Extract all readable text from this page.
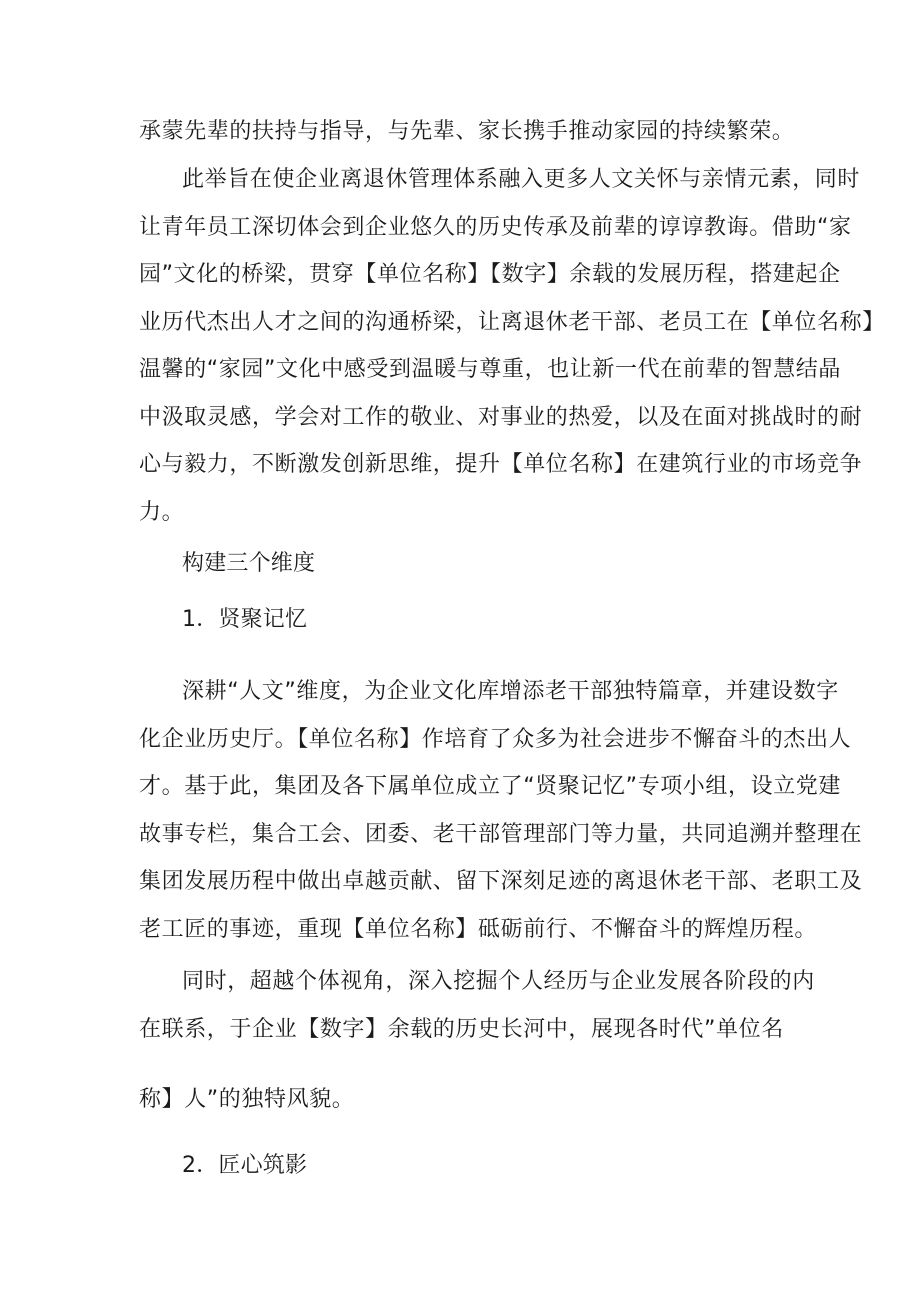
承蒙先辈的扶持与指导，与先辈、家长携手推动家园的持续繁荣。
此举旨在使企业离退休管理体系融入更多人文关怀与亲情元素，同时
让青年员工深切体会到企业悠久的历史传承及前辈的谆谆教诲。借助“家
园”文化的桥梁，贯穿【单位名称】【数字】余载的发展历程，搭建起企
业历代杰出人才之间的沟通桥梁，让离退休老干部、老员工在【单位名称】
温馨的“家园”文化中感受到温暖与尊重，也让新一代在前辈的智慧结晶
中汲取灵感，学会对工作的敬业、对事业的热爱，以及在面对挑战时的耐
心与毅力，不断激发创新思维，提升【单位名称】在建筑行业的市场竞争
力。
构建三个维度
1．贤聚记忆
深耕“人文”维度，为企业文化库增添老干部独特篇章，并建设数字
化企业历史厅。【单位名称】作培育了众多为社会进步不懈奋斗的杰出人
才。基于此，集团及各下属单位成立了“贤聚记忆”专项小组，设立党建
故事专栏，集合工会、团委、老干部管理部门等力量，共同追溯并整理在
集团发展历程中做出卓越贡献、留下深刻足迹的离退休老干部、老职工及
老工匠的事迹，重现【单位名称】砥砺前行、不懈奋斗的辉煌历程。
同时，超越个体视角，深入挖掘个人经历与企业发展各阶段的内
在联系，于企业【数字】余载的历史长河中，展现各时代”单位名
称】人”的独特风貌。
2．匠心筑影
